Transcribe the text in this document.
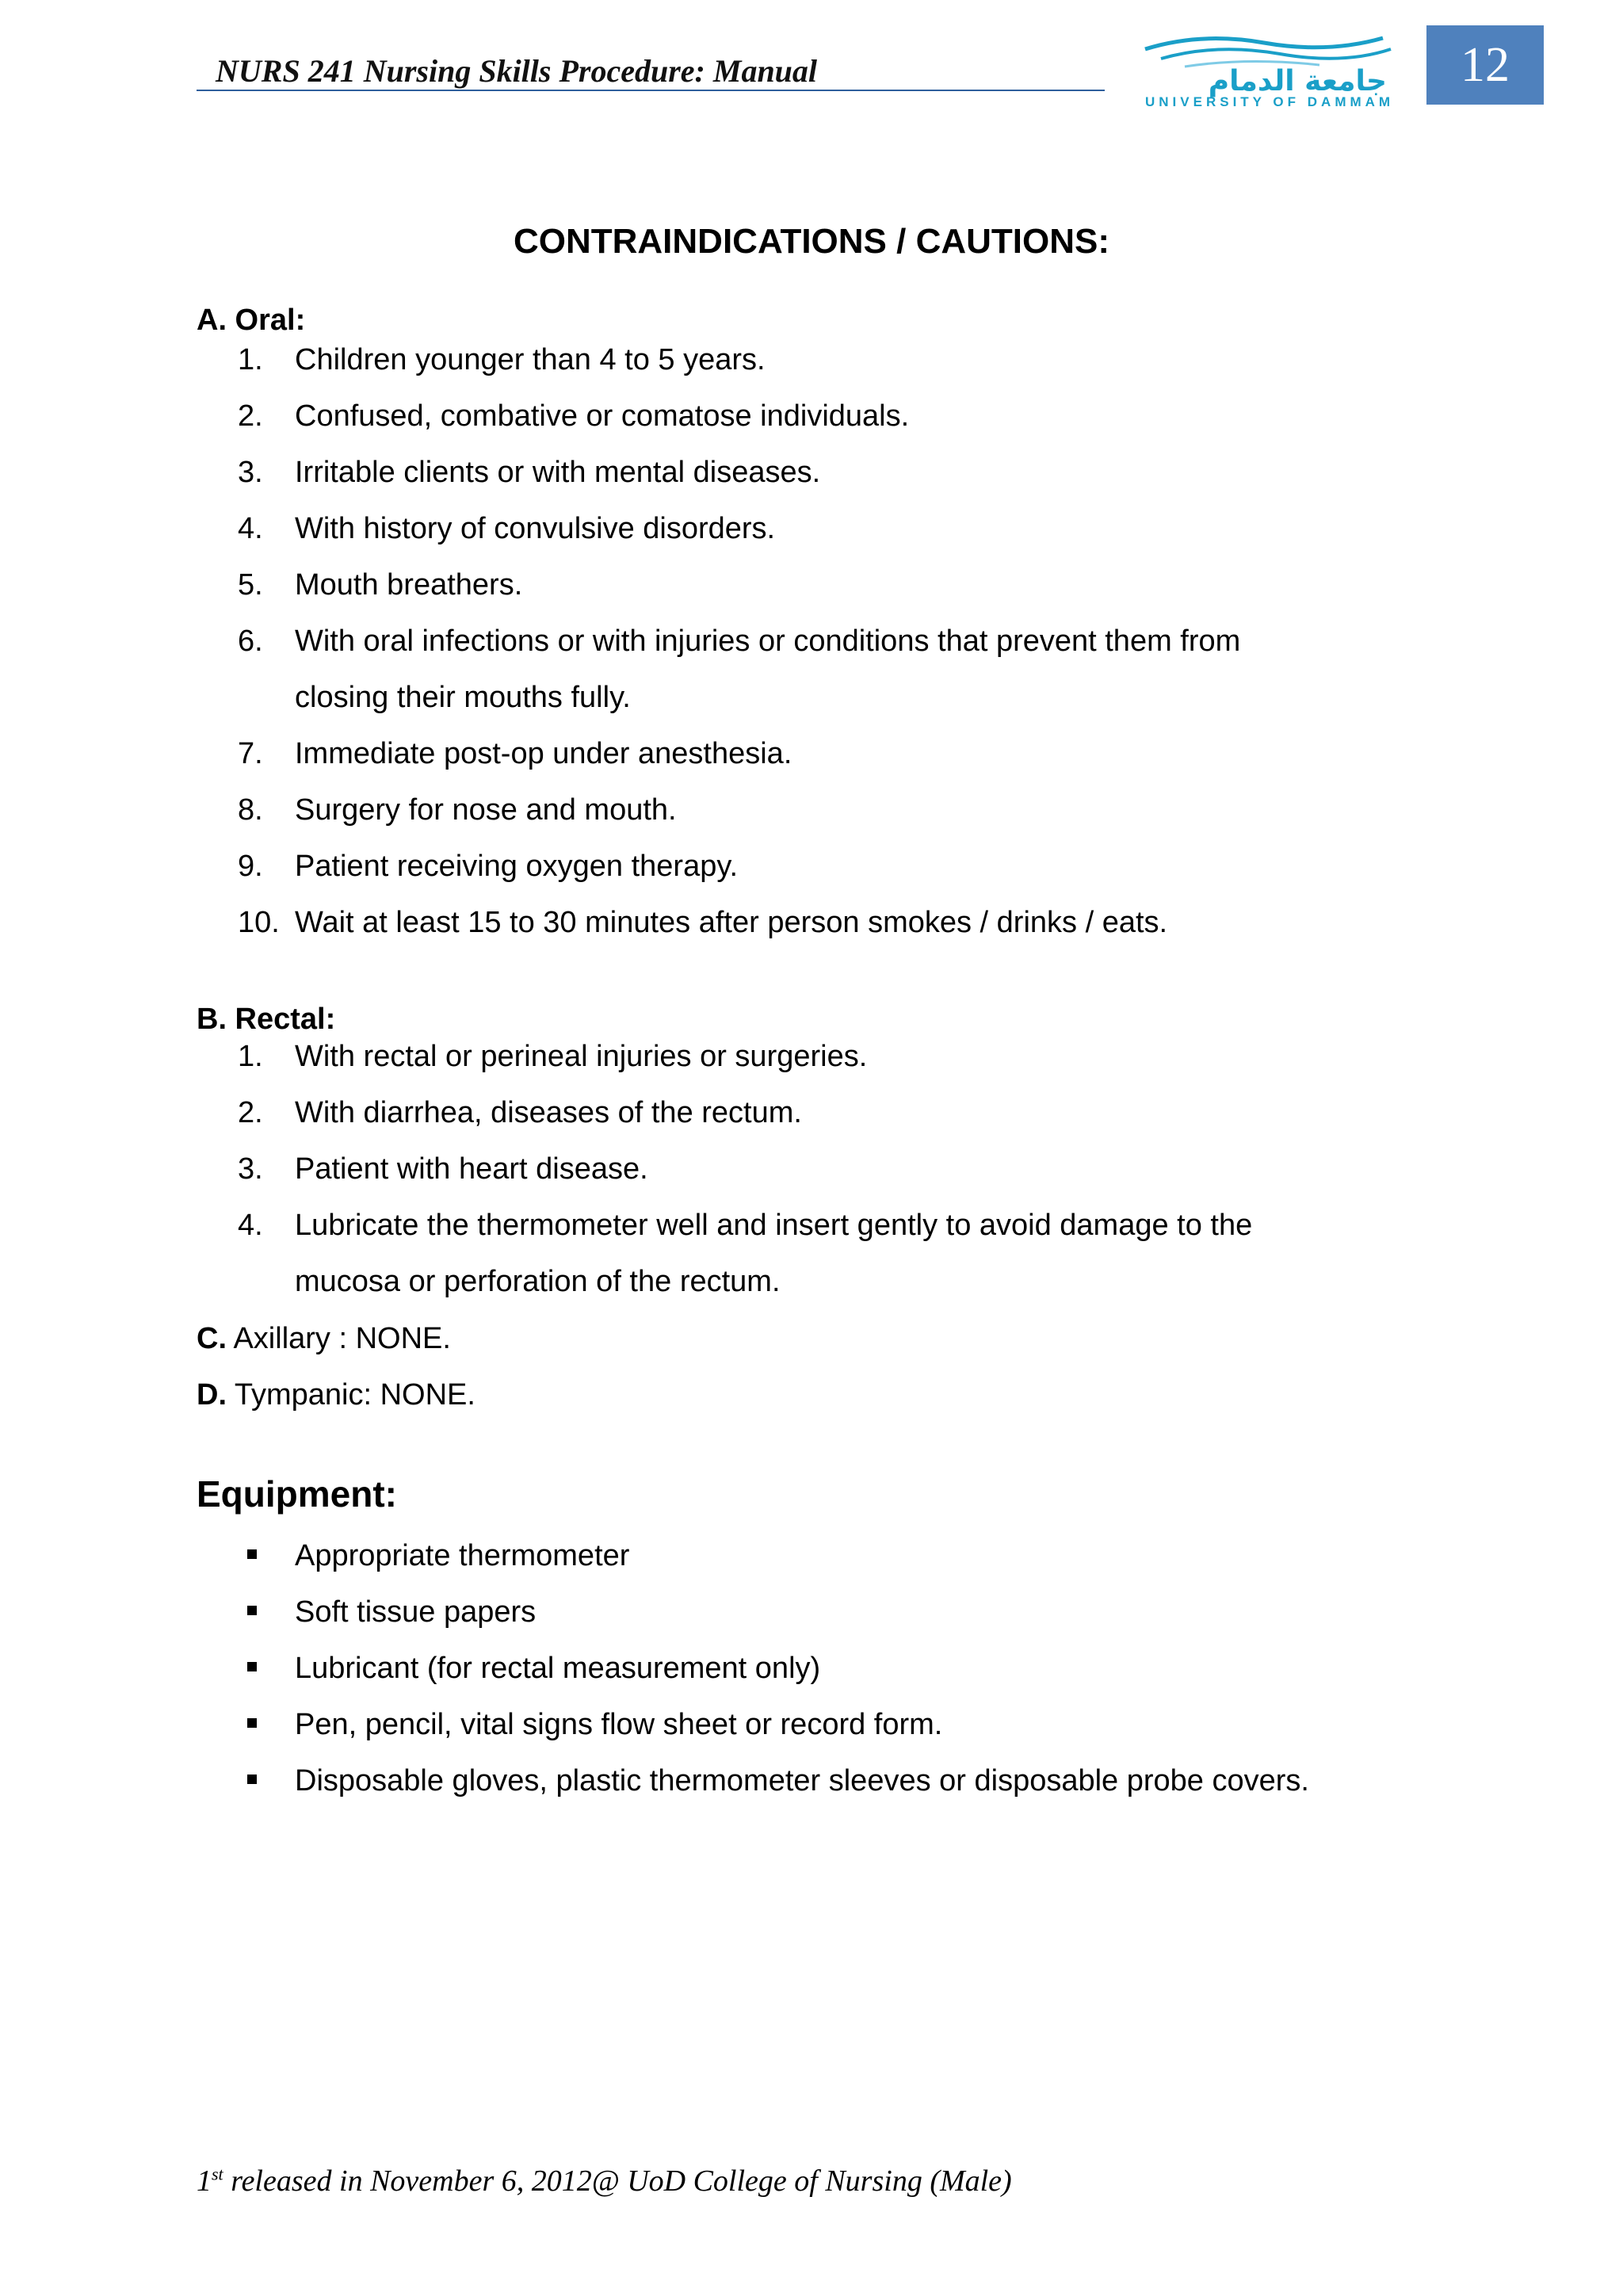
NURS 241 Nursing Skills Procedure: Manual	جامعة الدمام
UNIVERSITY OF DAMMAM
12
CONTRAINDICATIONS / CAUTIONS:
A. Oral:
1. Children younger than 4 to 5 years.
2. Confused, combative or comatose individuals.
3. Irritable clients or with mental diseases.
4. With history of convulsive disorders.
5. Mouth breathers.
6. With oral infections or with injuries or conditions that prevent them from
closing their mouths fully.
7. Immediate post-op under anesthesia.
8. Surgery for nose and mouth.
9. Patient receiving oxygen therapy.
10. Wait at least 15 to 30 minutes after person smokes / drinks / eats.
B. Rectal:
1. With rectal or perineal injuries or surgeries.
2. With diarrhea, diseases of the rectum.
3. Patient with heart disease.
4. Lubricate the thermometer well and insert gently to avoid damage to the
mucosa or perforation of the rectum.
C. Axillary : NONE.
D. Tympanic: NONE.
Equipment:
Appropriate thermometer
Soft tissue papers
Lubricant (for rectal measurement only)
Pen, pencil, vital signs flow sheet or record form.
Disposable gloves, plastic thermometer sleeves or disposable probe covers.
1st released in November 6, 2012@ UoD College of Nursing (Male)
